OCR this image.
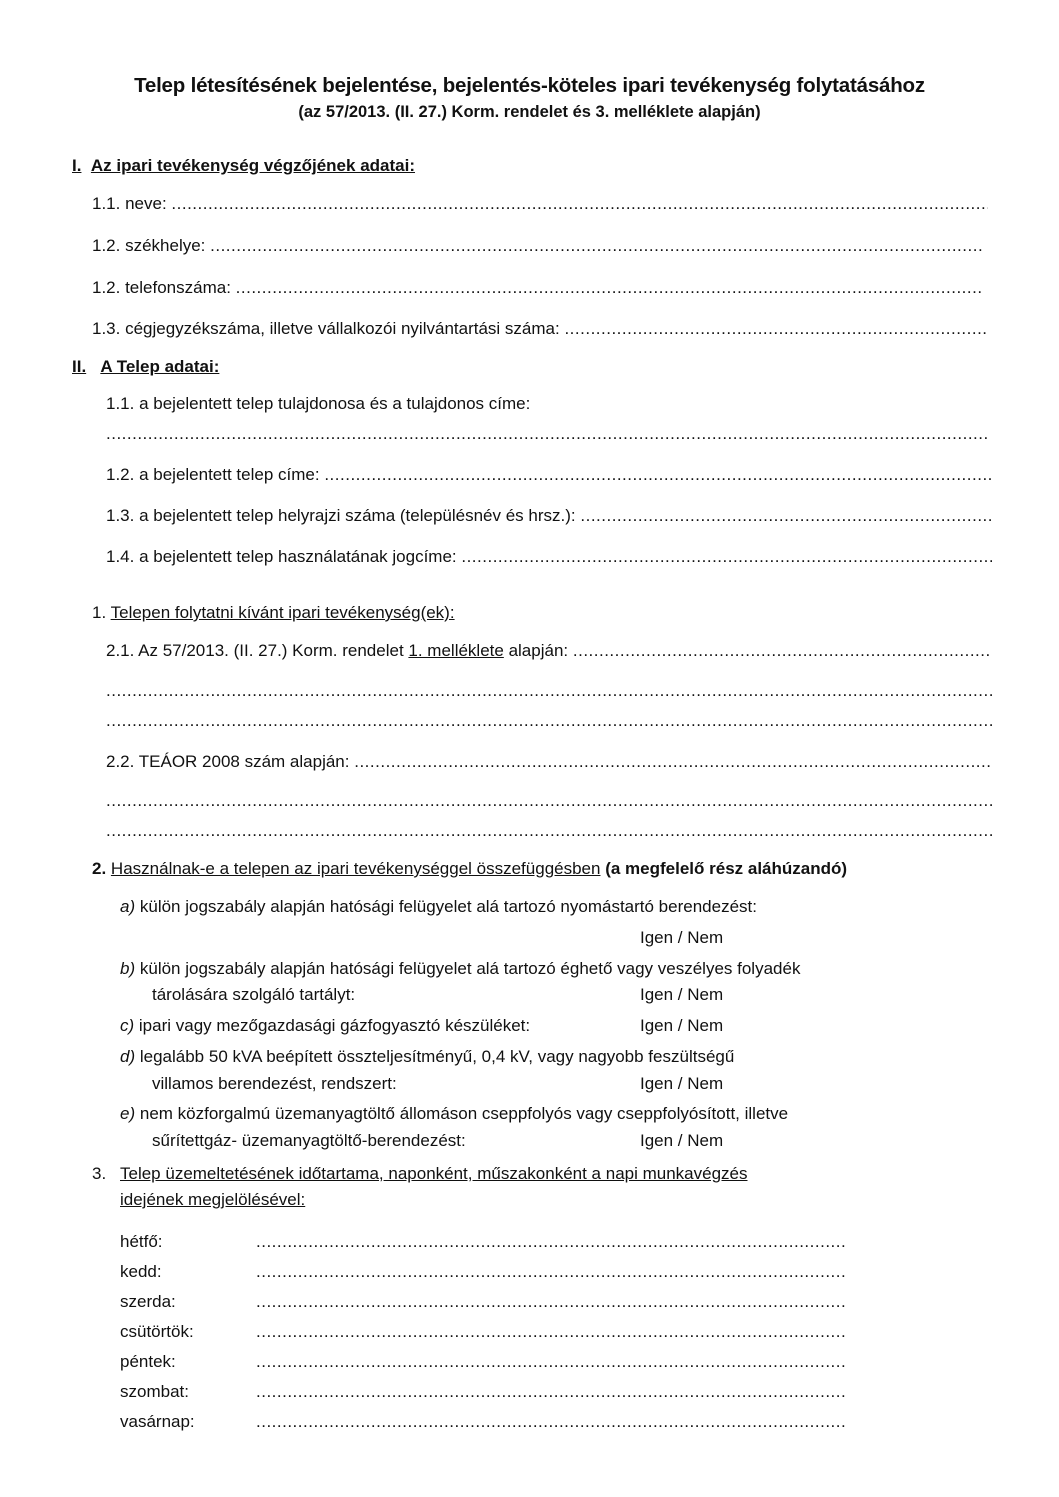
Telep létesítésének bejelentése, bejelentés-köteles ipari tevékenység folytatásához
(az 57/2013. (II. 27.) Korm. rendelet és 3. melléklete alapján)
I. Az ipari tevékenység végzőjének adatai:
1.1. neve:

.....
1.2. székhelye:

.....
1.2. telefonszáma:

.....
1.3. cégjegyzékszáma, illetve vállalkozói nyilvántartási száma:

.....
II. A Telep adatai:
1.1. a bejelentett telep tulajdonosa és a tulajdonos címe:
.....
1.2. a bejelentett telep címe:

.....
1.3. a bejelentett telep helyrajzi száma (településnév és hrsz.):

.....
1.4. a bejelentett telep használatának jogcíme:

.....
1. Telepen folytatni kívánt ipari tevékenység(ek):
2.1. Az 57/2013. (II. 27.) Korm. rendelet
1. melléklete
alapján:

.....
.....
.....
2.2. TEÁOR 2008 szám alapján:

.....
.....
.....
2. Használnak-e a telepen az ipari tevékenységgel összefüggésben (a megfelelő rész aláhúzandó)
a) külön jogszabály alapján hatósági felügyelet alá tartozó nyomástartó berendezést:
Igen / Nem
b) külön jogszabály alapján hatósági felügyelet alá tartozó éghető vagy veszélyes folyadék
tárolására szolgáló tartályt:	Igen / Nem
c) ipari vagy mezőgazdasági gázfogyasztó készüléket:	Igen / Nem
d) legalább 50 kVA beépített összteljesítményű, 0,4 kV, vagy nagyobb feszültségű
villamos berendezést, rendszert:	Igen / Nem
e) nem közforgalmú üzemanyagtöltő állomáson cseppfolyós vagy cseppfolyósított, illetve
sűrítettgáz- üzemanyagtöltő-berendezést:	Igen / Nem
3. Telep üzemeltetésének időtartama, naponként, műszakonként a napi munkavégzés
idejének megjelölésével:
hétfő:
.....
kedd:
.....
szerda:
.....
csütörtök:
.....
péntek:
.....
szombat:
.....
vasárnap:
.....
